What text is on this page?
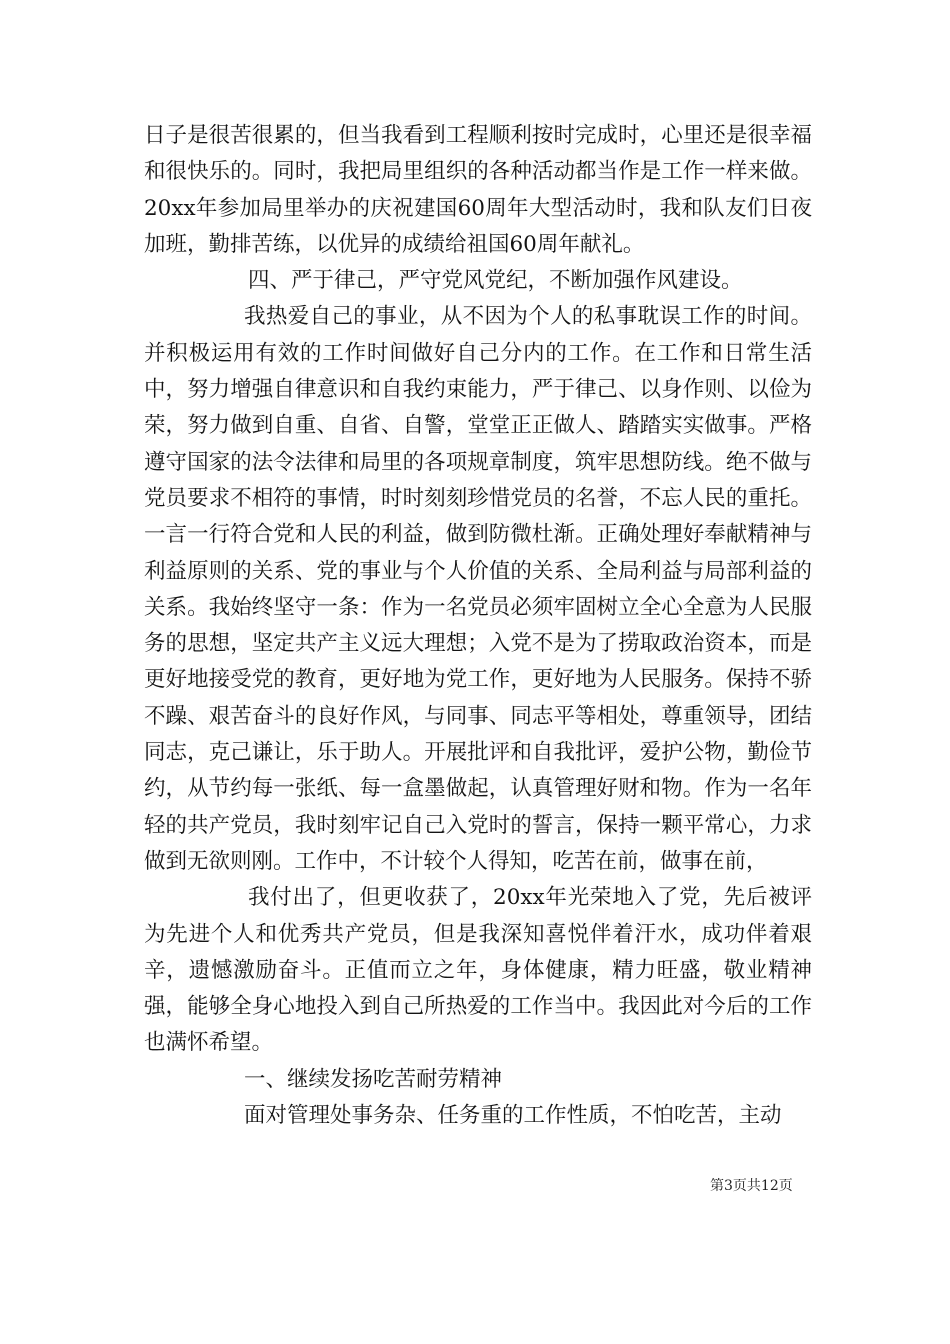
日子是很苦很累的，但当我看到工程顺利按时完成时，心里还是很幸福和很快乐的。同时，我把局里组织的各种活动都当作是工作一样来做。20xx年参加局里举办的庆祝建国60周年大型活动时，我和队友们日夜加班，勤排苦练，以优异的成绩给祖国60周年献礼。

四、严于律己，严守党风党纪，不断加强作风建设。

我热爱自己的事业，从不因为个人的私事耽误工作的时间。并积极运用有效的工作时间做好自己分内的工作。在工作和日常生活中，努力增强自律意识和自我约束能力，严于律己、以身作则、以俭为荣，努力做到自重、自省、自警，堂堂正正做人、踏踏实实做事。严格遵守国家的法令法律和局里的各项规章制度，筑牢思想防线。绝不做与党员要求不相符的事情，时时刻刻珍惜党员的名誉，不忘人民的重托。一言一行符合党和人民的利益，做到防微杜渐。正确处理好奉献精神与利益原则的关系、党的事业与个人价值的关系、全局利益与局部利益的关系。我始终坚守一条：作为一名党员必须牢固树立全心全意为人民服务的思想，坚定共产主义远大理想；入党不是为了捞取政治资本，而是更好地接受党的教育，更好地为党工作，更好地为人民服务。保持不骄不躁、艰苦奋斗的良好作风，与同事、同志平等相处，尊重领导，团结同志，克己谦让，乐于助人。开展批评和自我批评，爱护公物，勤俭节约，从节约每一张纸、每一盒墨做起，认真管理好财和物。作为一名年轻的共产党员，我时刻牢记自己入党时的誓言，保持一颗平常心，力求做到无欲则刚。工作中，不计较个人得知，吃苦在前，做事在前，

我付出了，但更收获了，20xx年光荣地入了党，先后被评为先进个人和优秀共产党员，但是我深知喜悦伴着汗水，成功伴着艰辛，遗憾激励奋斗。正值而立之年，身体健康，精力旺盛，敬业精神强，能够全身心地投入到自己所热爱的工作当中。我因此对今后的工作也满怀希望。

一、继续发扬吃苦耐劳精神

面对管理处事务杂、任务重的工作性质，不怕吃苦，主动

第3页共12页
